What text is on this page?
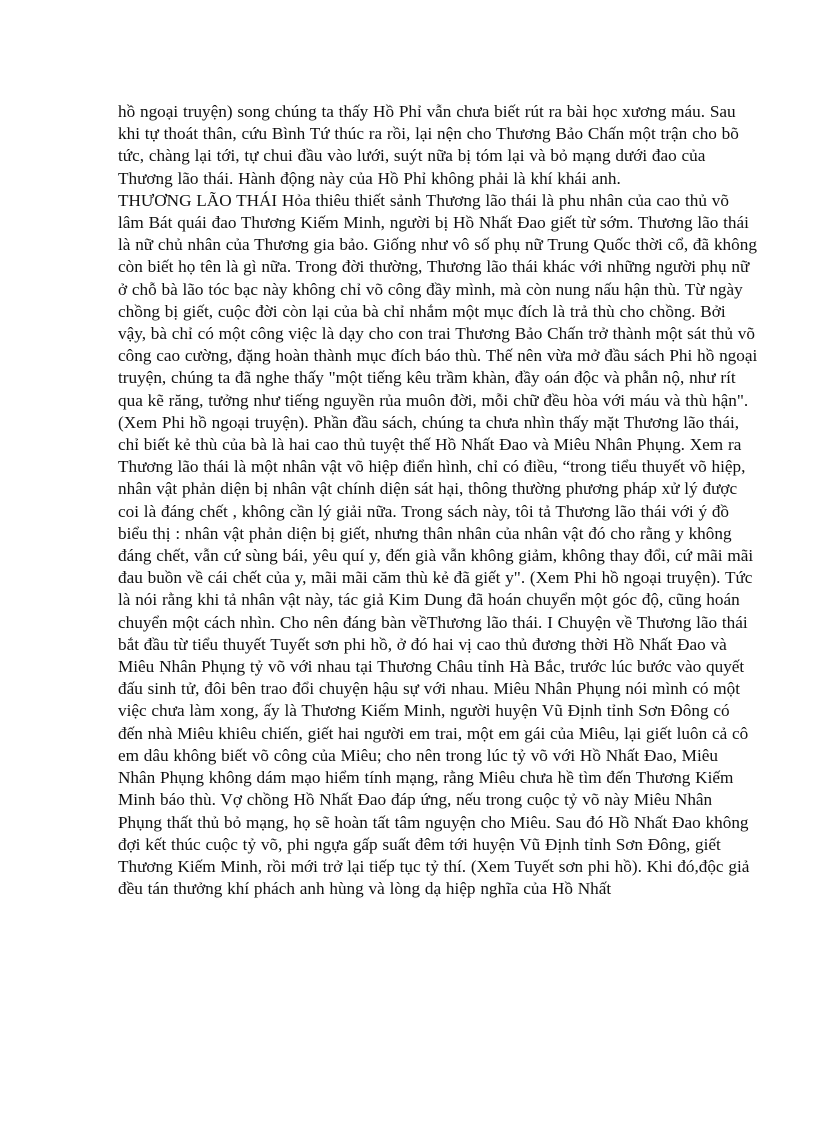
hồ ngoại truyện) song chúng ta thấy Hồ Phỉ vẫn chưa biết rút ra bài học xương máu. Sau khi tự thoát thân, cứu Bình Tứ thúc ra rồi, lại nện cho Thương Bảo Chấn một trận cho bõ tức, chàng lại tới, tự chui đầu vào lưới, suýt nữa bị tóm lại và bỏ mạng dưới đao của Thương lão thái. Hành động này của Hồ Phỉ không phải là khí khái anh.

THƯƠNG LÃO THÁI Hỏa thiêu thiết sảnh Thương lão thái là phu nhân của cao thủ võ lâm Bát quái đao Thương Kiếm Minh, người bị Hồ Nhất Đao giết từ sớm. Thương lão thái là nữ chủ nhân của Thương gia bảo. Giống như vô số phụ nữ Trung Quốc thời cổ, đã không còn biết họ tên là gì nữa. Trong đời thường, Thương lão thái khác với những người phụ nữ ở chỗ bà lão tóc bạc này không chỉ võ công đầy mình, mà còn nung nấu hận thù. Từ ngày chồng bị giết, cuộc đời còn lại của bà chỉ nhắm một mục đích là trả thù cho chồng. Bởi vậy, bà chỉ có một công việc là dạy cho con trai Thương Bảo Chấn trở thành một sát thủ võ công cao cường, đặng hoàn thành mục đích báo thù. Thế nên vừa mở đầu sách Phi hồ ngoại truyện, chúng ta đã nghe thấy "một tiếng kêu trầm khàn, đầy oán độc và phẫn nộ, như rít qua kẽ răng, tưởng như tiếng nguyền rủa muôn đời, mỗi chữ đều hòa với máu và thù hận". (Xem Phi hồ ngoại truyện). Phần đầu sách, chúng ta chưa nhìn thấy mặt Thương lão thái, chỉ biết kẻ thù của bà là hai cao thủ tuyệt thế Hồ Nhất Đao và Miêu Nhân Phụng. Xem ra Thương lão thái là một nhân vật võ hiệp điển hình, chỉ có điều, “trong tiểu thuyết võ hiệp, nhân vật phản diện bị nhân vật chính diện sát hại, thông thường phương pháp xử lý được coi là đáng chết , không cần lý giải nữa. Trong sách này, tôi tả Thương lão thái với ý đồ biểu thị : nhân vật phản diện bị giết, nhưng thân nhân của nhân vật đó cho rằng y không đáng chết, vẫn cứ sùng bái, yêu quí y, đến già vẫn không giảm, không thay đổi, cứ mãi mãi đau buồn về cái chết của y, mãi mãi căm thù kẻ đã giết y". (Xem Phi hồ ngoại truyện). Tức là nói rằng khi tả nhân vật này, tác giả Kim Dung đã hoán chuyển một góc độ, cũng hoán chuyển một cách nhìn. Cho nên đáng bàn vềThương lão thái. I Chuyện về Thương lão thái bắt đầu từ tiểu thuyết Tuyết sơn phi hồ, ở đó hai vị cao thủ đương thời Hồ Nhất Đao và Miêu Nhân Phụng tỷ võ với nhau tại Thương Châu tỉnh Hà Bắc, trước lúc bước vào quyết đấu sinh tử, đôi bên trao đổi chuyện hậu sự với nhau. Miêu Nhân Phụng nói mình có một việc chưa làm xong, ấy là Thương Kiếm Minh, người huyện Vũ Định tỉnh Sơn Đông có đến nhà Miêu khiêu chiến, giết hai người em trai, một em gái của Miêu, lại giết luôn cả cô em dâu không biết võ công của Miêu; cho nên trong lúc tỷ võ với Hồ Nhất Đao, Miêu Nhân Phụng không dám mạo hiểm tính mạng, rằng Miêu chưa hề tìm đến Thương Kiếm Minh báo thù. Vợ chồng Hồ Nhất Đao đáp ứng, nếu trong cuộc tỷ võ này Miêu Nhân Phụng thất thủ bỏ mạng, họ sẽ hoàn tất tâm nguyện cho Miêu. Sau đó Hồ Nhất Đao không đợi kết thúc cuộc tỷ võ, phi ngựa gấp suất đêm tới huyện Vũ Định tỉnh Sơn Đông, giết Thương Kiếm Minh, rồi mới trở lại tiếp tục tỷ thí. (Xem Tuyết sơn phi hồ). Khi đó,độc giả đều tán thưởng khí phách anh hùng và lòng dạ hiệp nghĩa của Hồ Nhất
